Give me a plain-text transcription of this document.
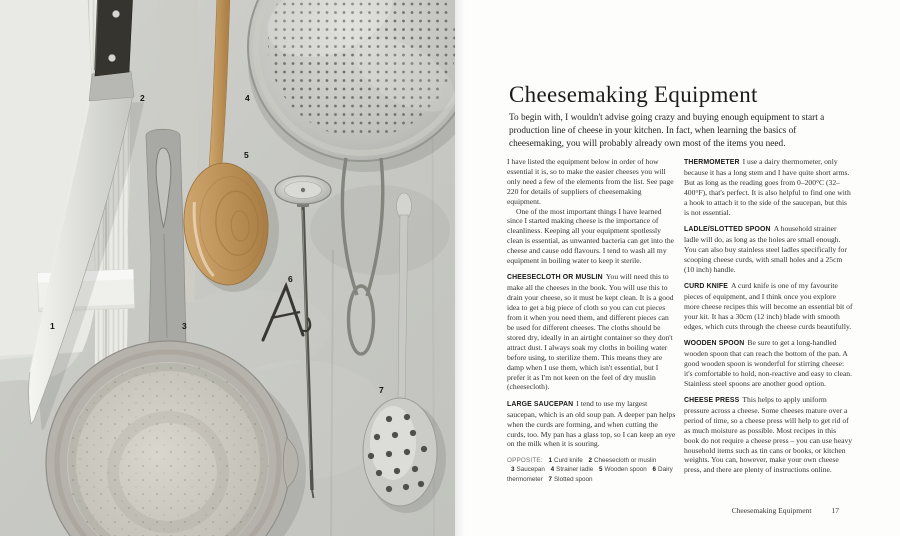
1
2
3
4
5
6
7
Cheesemaking Equipment
To begin with, I wouldn't advise going crazy and buying enough equipment to start a production line of cheese in your kitchen. In fact, when learning the basics of cheesemaking, you will probably already own most of the items you need.

I have listed the equipment below in order of how essential it is, so to make the easier cheeses you will only need a few of the elements from the list. See page 220 for details of suppliers of cheesemaking equipment.

One of the most important things I have learned since I started making cheese is the importance of cleanliness. Keeping all your equipment spotlessly clean is essential, as unwanted bacteria can get into the cheese and cause odd flavours. I tend to wash all my equipment in boiling water to keep it sterile.

CHEESECLOTH OR MUSLIN You will need this to make all the cheeses in the book. You will use this to drain your cheese, so it must be kept clean. It is a good idea to get a big piece of cloth so you can cut pieces from it when you need them, and different pieces can be used for different cheeses. The cloths should be stored dry, ideally in an airtight container so they don't attract dust. I always soak my cloths in boiling water before using, to sterilize them. This means they are damp when I use them, which isn't essential, but I prefer it as I'm not keen on the feel of dry muslin (cheesecloth).

LARGE SAUCEPAN I tend to use my largest saucepan, which is an old soup pan. A deeper pan helps when the curds are forming, and when cutting the curds, too. My pan has a glass top, so I can keep an eye on the milk when it is souring.

OPPOSITE: 1 Curd knife 2 Cheesecloth or muslin 3 Saucepan 4 Strainer ladle 5 Wooden spoon 6 Dairy thermometer 7 Slotted spoon

THERMOMETER I use a dairy thermometer, only because it has a long stem and I have quite short arms. But as long as the reading goes from 0–200°C (32–400°F), that's perfect. It is also helpful to find one with a hook to attach it to the side of the saucepan, but this is not essential.

LADLE/SLOTTED SPOON A household strainer ladle will do, as long as the holes are small enough. You can also buy stainless steel ladles specifically for scooping cheese curds, with small holes and a 25cm (10 inch) handle.

CURD KNIFE A curd knife is one of my favourite pieces of equipment, and I think once you explore more cheese recipes this will become an essential bit of your kit. It has a 30cm (12 inch) blade with smooth edges, which cuts through the cheese curds beautifully.

WOODEN SPOON Be sure to get a long-handled wooden spoon that can reach the bottom of the pan. A good wooden spoon is wonderful for stirring cheese: it's comfortable to hold, non-reactive and easy to clean. Stainless steel spoons are another good option.

CHEESE PRESS This helps to apply uniform pressure across a cheese. Some cheeses mature over a period of time, so a cheese press will help to get rid of as much moisture as possible. Most recipes in this book do not require a cheese press – you can use heavy household items such as tin cans or books, or kitchen weights. You can, however, make your own cheese press, and there are plenty of instructions online.

Cheesemaking Equipment	17
